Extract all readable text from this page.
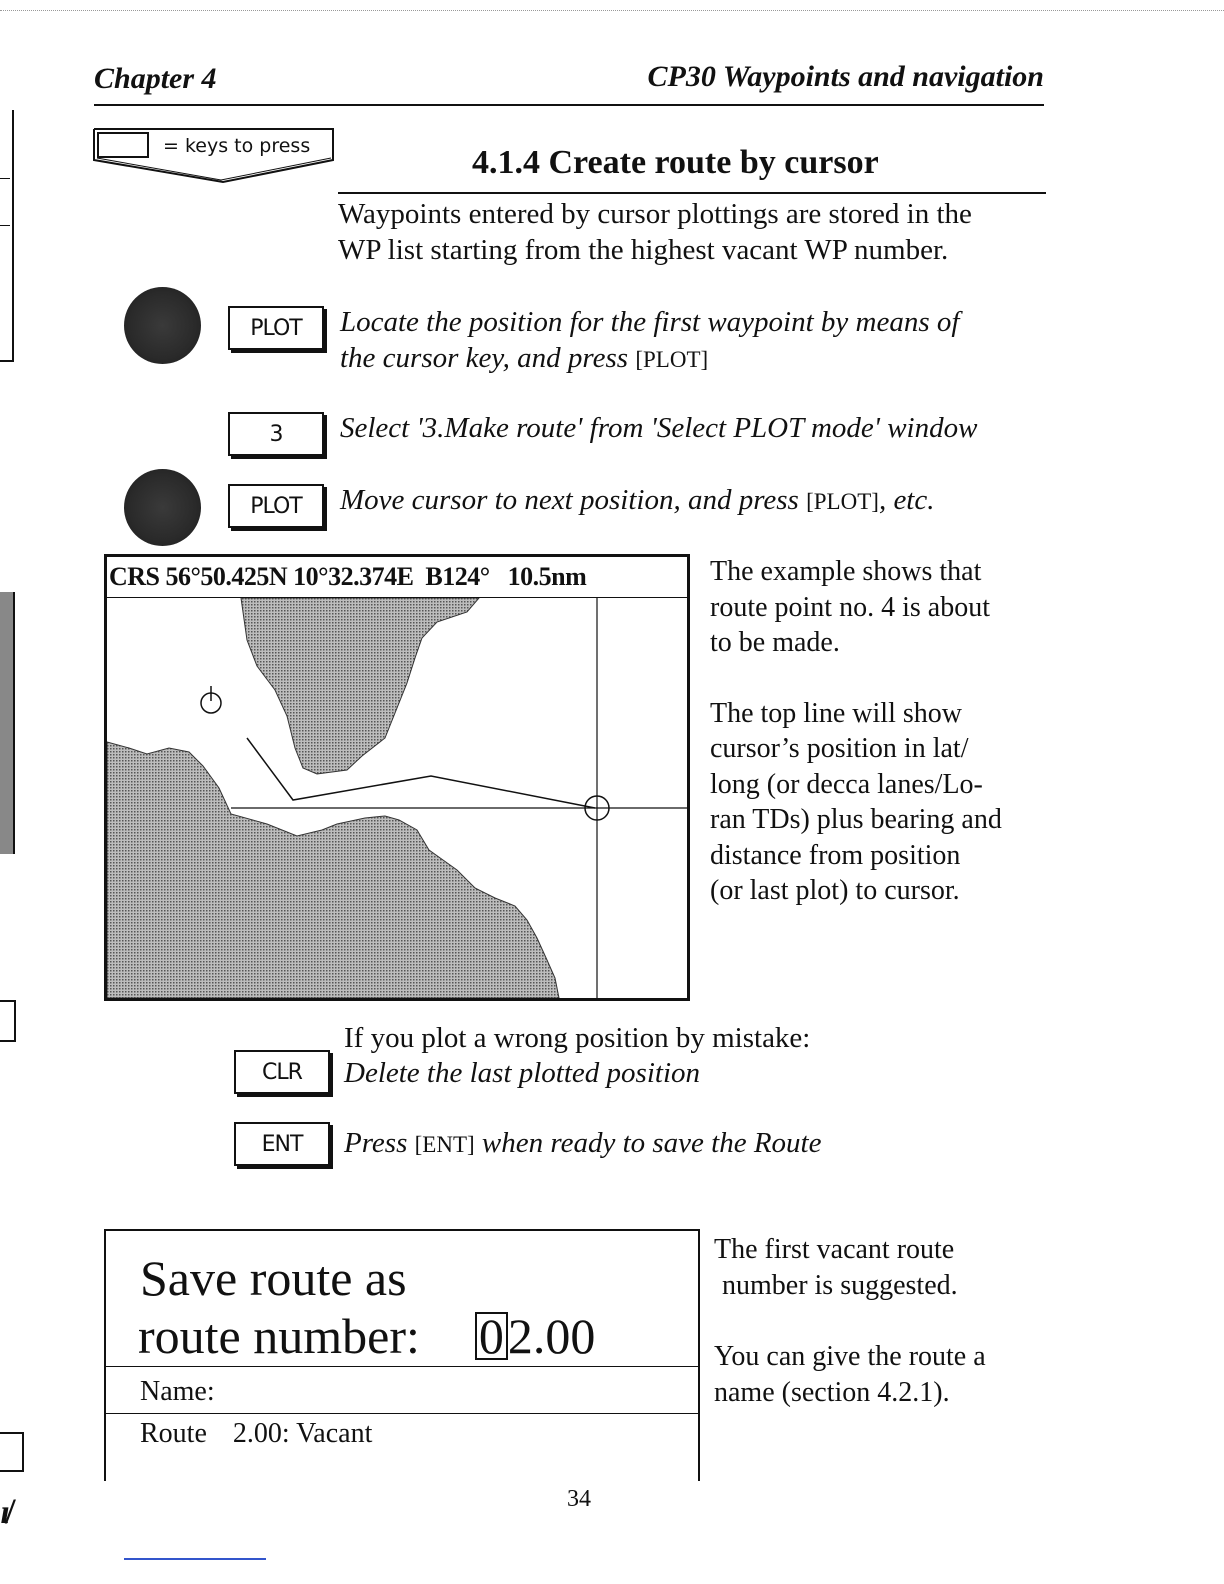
Chapter 4	CP30 Waypoints and navigation
= keys to press	4.1.4 Create route by cursor
Waypoints entered by cursor plottings are stored in the
WP list starting from the highest vacant WP number.
PLOT	Locate the position for the first waypoint by means of
the cursor key, and press [PLOT]
3	Select '3.Make route' from 'Select PLOT mode' window
PLOT	Move cursor to next position, and press [PLOT], etc.
CRS 56°50.425N 10°32.374E  B124°   10.5nm	The example shows that
route point no. 4 is about
to be made.
The top line will show
cursor’s position in lat/
long (or decca lanes/Lo-
ran TDs) plus bearing and
distance from position
(or last plot) to cursor.
If you plot a wrong position by mistake:
CLR	Delete the last plotted position
ENT	Press [ENT] when ready to save the Route
Save route as
route number: 02.00
Name:
Route 2.00: Vacant
The first vacant route
number is suggested.
You can give the route a
name (section 4.2.1).
34
ɪ̸
